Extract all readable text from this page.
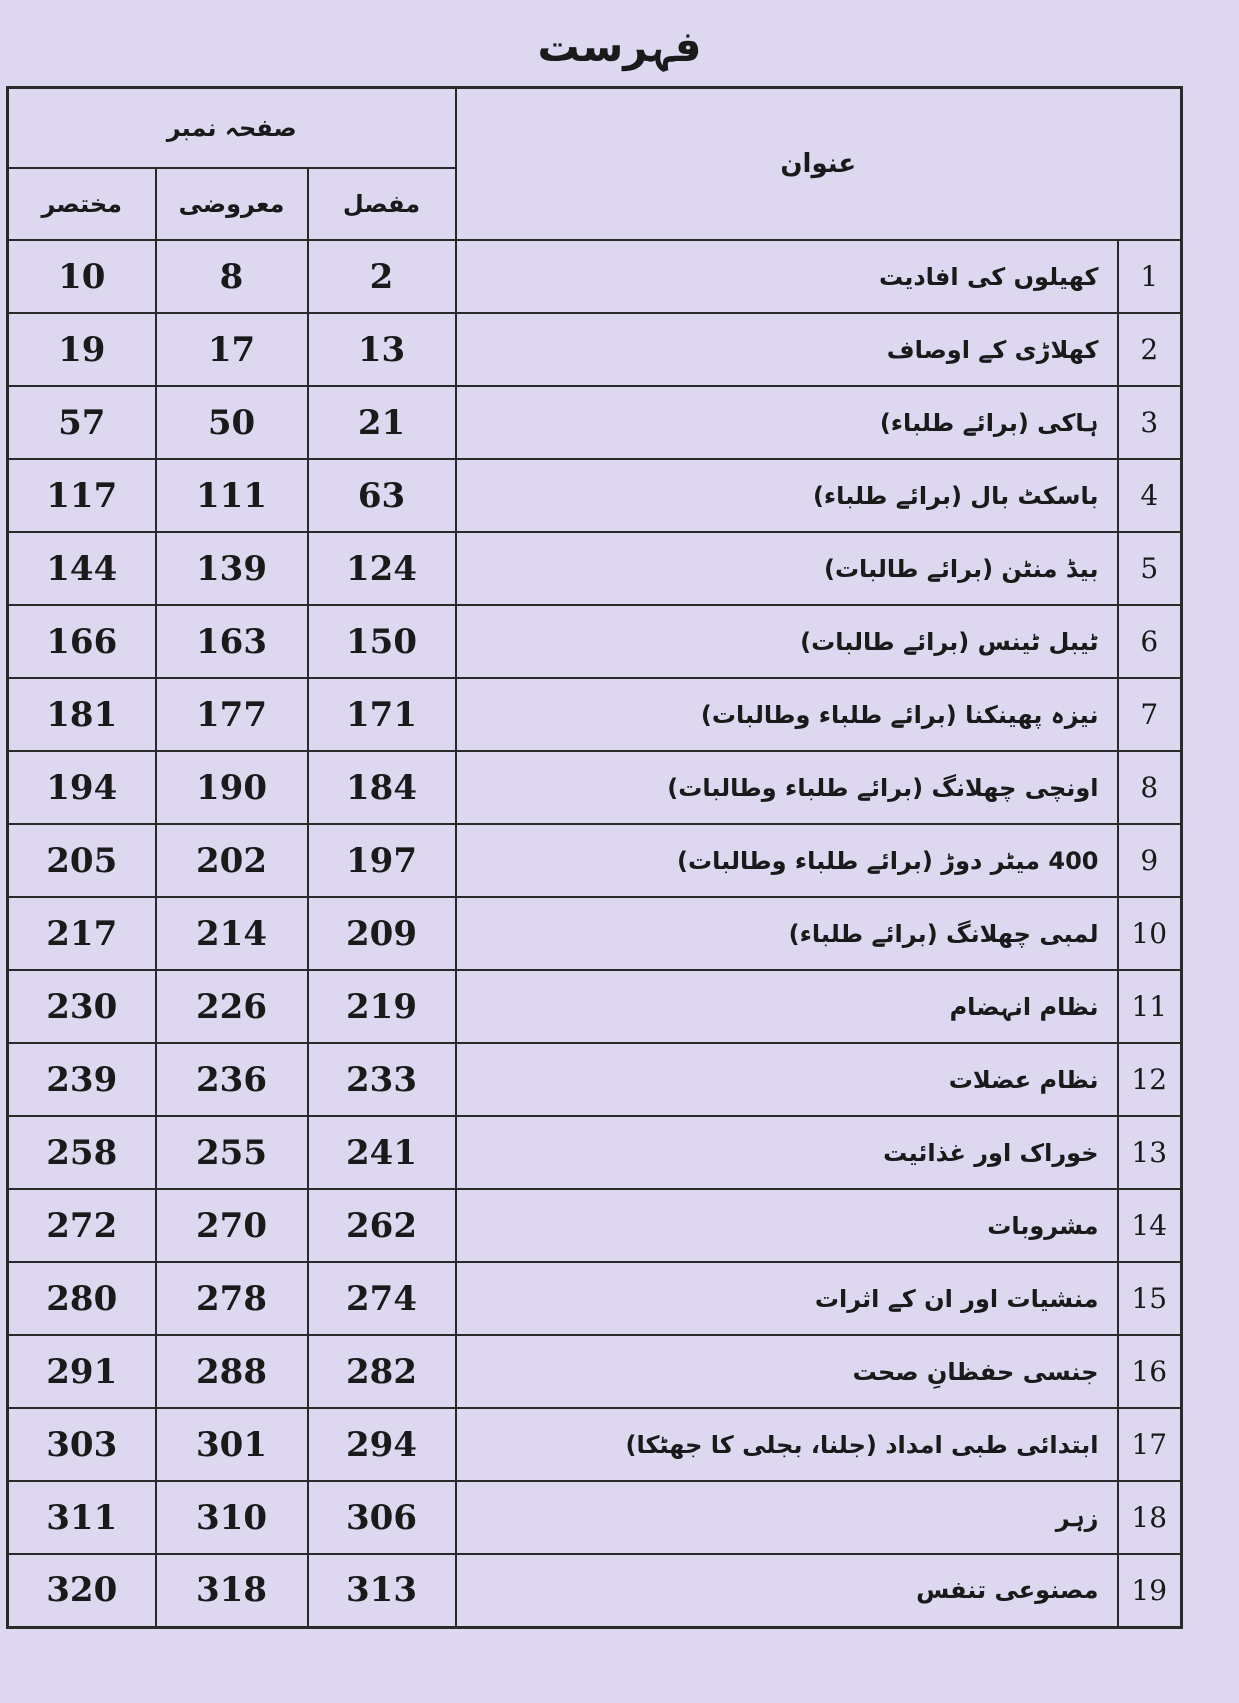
فہرست
صفحہ نمبر			عنوان	
مختصر	معروضی	مفصل		
10	8	2	کھیلوں کی افادیت	1
19	17	13	کھلاڑی کے اوصاف	2
57	50	21	ہاکی (برائے طلباء)	3
117	111	63	باسکٹ بال (برائے طلباء)	4
144	139	124	بیڈ منٹن (برائے طالبات)	5
166	163	150	ٹیبل ٹینس (برائے طالبات)	6
181	177	171	نیزہ پھینکنا (برائے طلباء وطالبات)	7
194	190	184	اونچی چھلانگ (برائے طلباء وطالبات)	8
205	202	197	400 میٹر دوڑ (برائے طلباء وطالبات)	9
217	214	209	لمبی چھلانگ (برائے طلباء)	10
230	226	219	نظام انہضام	11
239	236	233	نظام عضلات	12
258	255	241	خوراک اور غذائیت	13
272	270	262	مشروبات	14
280	278	274	منشیات اور ان کے اثرات	15
291	288	282	جنسی حفظانِ صحت	16
303	301	294	ابتدائی طبی امداد (جلنا، بجلی کا جھٹکا)	17
311	310	306	زہر	18
320	318	313	مصنوعی تنفس	19
